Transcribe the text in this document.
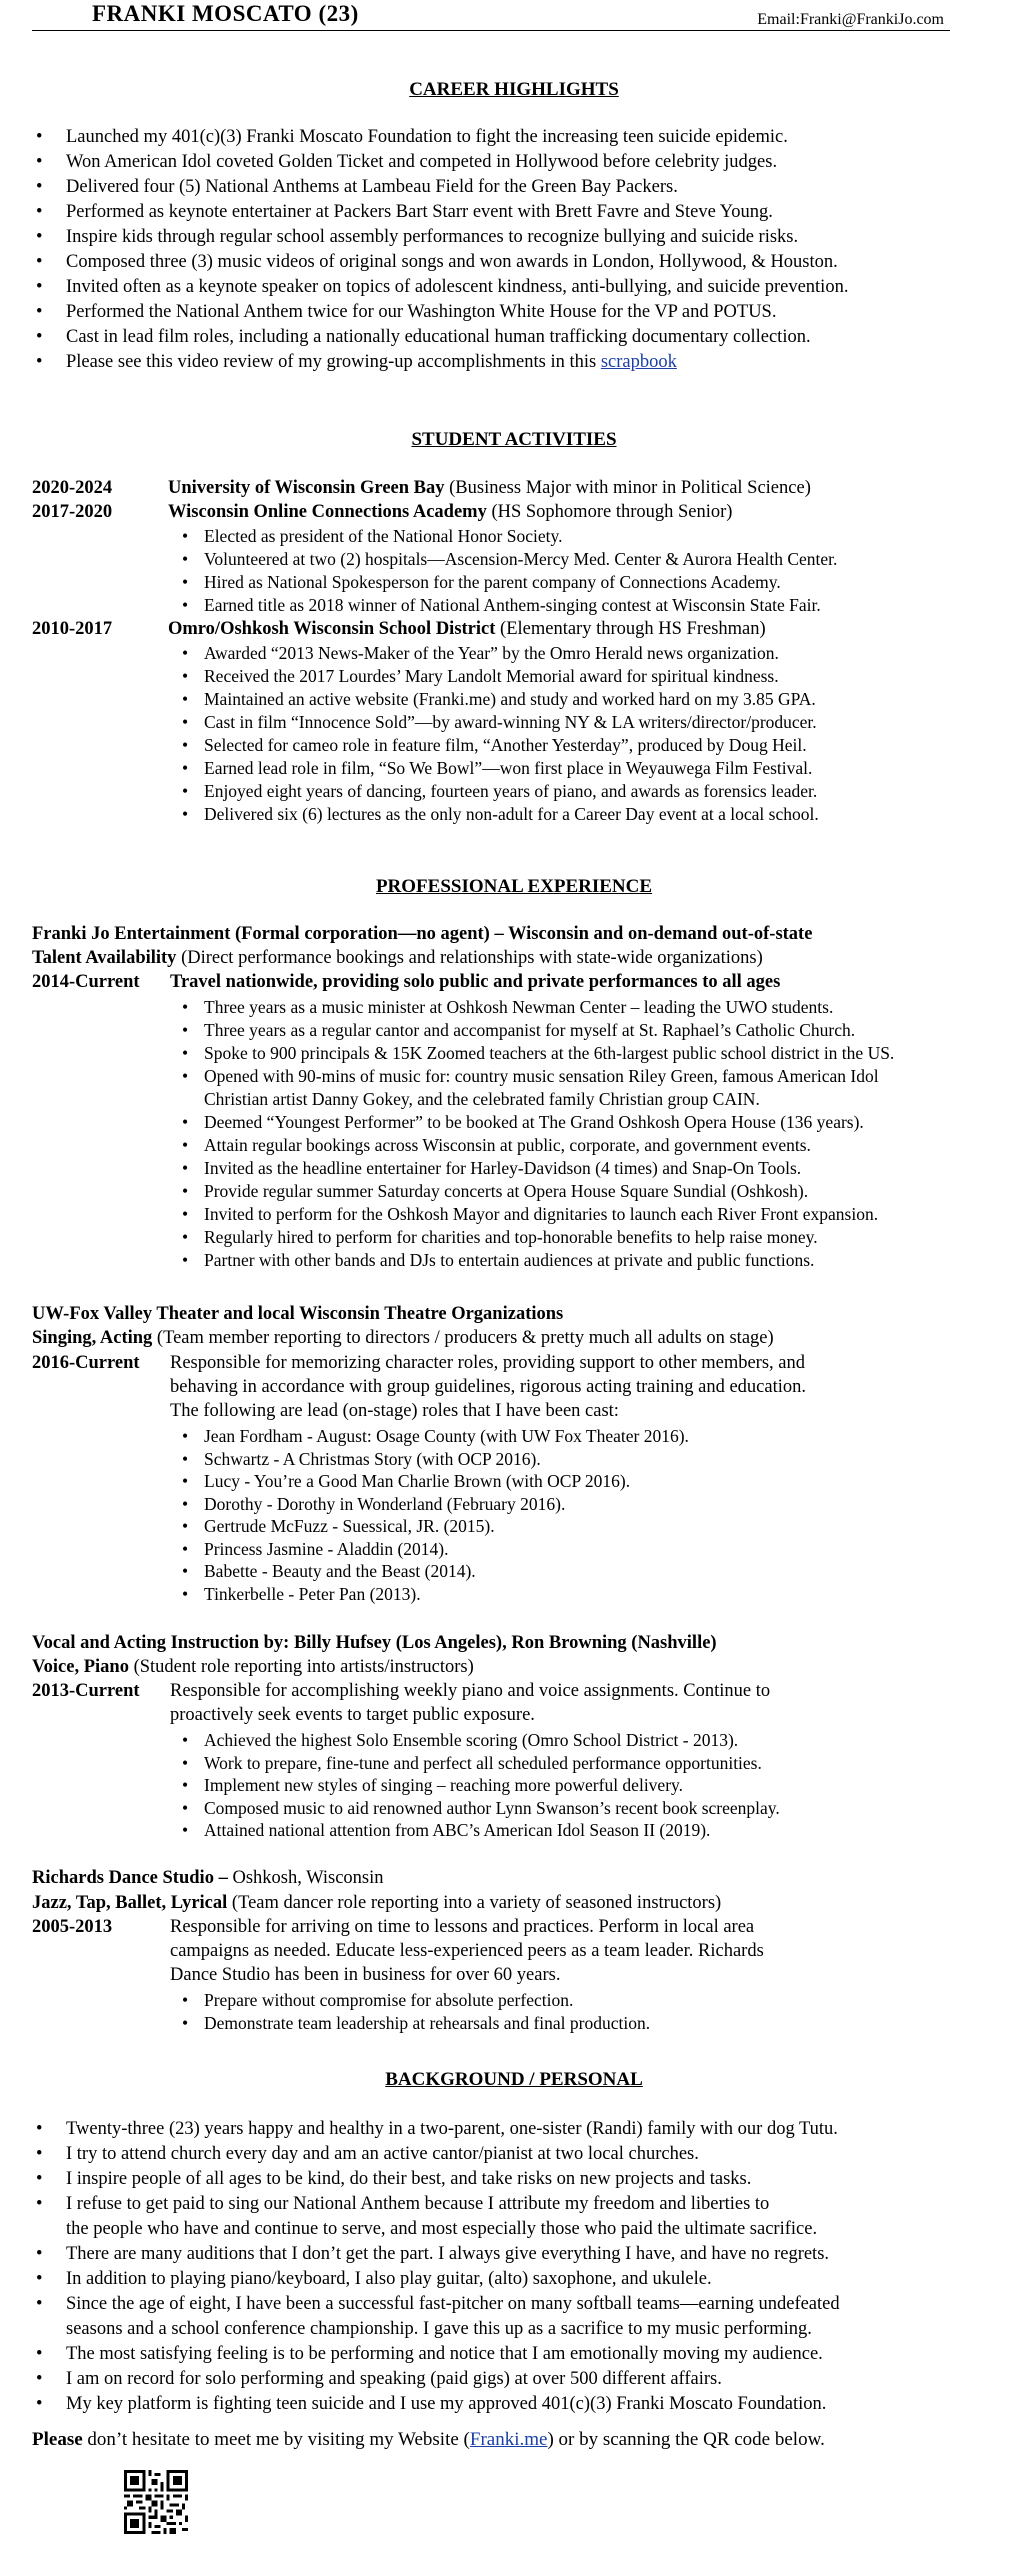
FRANKI MOSCATO (23)	Email:Franki@FrankiJo.com
CAREER HIGHLIGHTS
• Launched my 401(c)(3) Franki Moscato Foundation to fight the increasing teen suicide epidemic.
• Won American Idol coveted Golden Ticket and competed in Hollywood before celebrity judges.
• Delivered four (5) National Anthems at Lambeau Field for the Green Bay Packers.
• Performed as keynote entertainer at Packers Bart Starr event with Brett Favre and Steve Young.
• Inspire kids through regular school assembly performances to recognize bullying and suicide risks.
• Composed three (3) music videos of original songs and won awards in London, Hollywood, & Houston.
• Invited often as a keynote speaker on topics of adolescent kindness, anti-bullying, and suicide prevention.
• Performed the National Anthem twice for our Washington White House for the VP and POTUS.
• Cast in lead film roles, including a nationally educational human trafficking documentary collection.
• Please see this video review of my growing-up accomplishments in this scrapbook
STUDENT ACTIVITIES
2020-2024	University of Wisconsin Green Bay (Business Major with minor in Political Science)
2017-2020	Wisconsin Online Connections Academy (HS Sophomore through Senior)
• Elected as president of the National Honor Society.
• Volunteered at two (2) hospitals—Ascension-Mercy Med. Center & Aurora Health Center.
• Hired as National Spokesperson for the parent company of Connections Academy.
• Earned title as 2018 winner of National Anthem-singing contest at Wisconsin State Fair.
2010-2017	Omro/Oshkosh Wisconsin School District (Elementary through HS Freshman)
• Awarded “2013 News-Maker of the Year” by the Omro Herald news organization.
• Received the 2017 Lourdes’ Mary Landolt Memorial award for spiritual kindness.
• Maintained an active website (Franki.me) and study and worked hard on my 3.85 GPA.
• Cast in film “Innocence Sold”—by award-winning NY & LA writers/director/producer.
• Selected for cameo role in feature film, “Another Yesterday”, produced by Doug Heil.
• Earned lead role in film, “So We Bowl”—won first place in Weyauwega Film Festival.
• Enjoyed eight years of dancing, fourteen years of piano, and awards as forensics leader.
• Delivered six (6) lectures as the only non-adult for a Career Day event at a local school.
PROFESSIONAL EXPERIENCE
Franki Jo Entertainment (Formal corporation—no agent) – Wisconsin and on-demand out-of-state
Talent Availability (Direct performance bookings and relationships with state-wide organizations)
2014-Current Travel nationwide, providing solo public and private performances to all ages
• Three years as a music minister at Oshkosh Newman Center – leading the UWO students.
• Three years as a regular cantor and accompanist for myself at St. Raphael’s Catholic Church.
• Spoke to 900 principals & 15K Zoomed teachers at the 6th-largest public school district in the US.
• Opened with 90-mins of music for: country music sensation Riley Green, famous American Idol
Christian artist Danny Gokey, and the celebrated family Christian group CAIN.
• Deemed “Youngest Performer” to be booked at The Grand Oshkosh Opera House (136 years).
• Attain regular bookings across Wisconsin at public, corporate, and government events.
• Invited as the headline entertainer for Harley-Davidson (4 times) and Snap-On Tools.
• Provide regular summer Saturday concerts at Opera House Square Sundial (Oshkosh).
• Invited to perform for the Oshkosh Mayor and dignitaries to launch each River Front expansion.
• Regularly hired to perform for charities and top-honorable benefits to help raise money.
• Partner with other bands and DJs to entertain audiences at private and public functions.
UW-Fox Valley Theater and local Wisconsin Theatre Organizations
Singing, Acting (Team member reporting to directors / producers & pretty much all adults on stage)
2016-Current Responsible for memorizing character roles, providing support to other members, and
behaving in accordance with group guidelines, rigorous acting training and education.
The following are lead (on-stage) roles that I have been cast:
• Jean Fordham - August: Osage County (with UW Fox Theater 2016).
• Schwartz - A Christmas Story (with OCP 2016).
• Lucy - You’re a Good Man Charlie Brown (with OCP 2016).
• Dorothy - Dorothy in Wonderland (February 2016).
• Gertrude McFuzz - Suessical, JR. (2015).
• Princess Jasmine - Aladdin (2014).
• Babette - Beauty and the Beast (2014).
• Tinkerbelle - Peter Pan (2013).
Vocal and Acting Instruction by: Billy Hufsey (Los Angeles), Ron Browning (Nashville)
Voice, Piano (Student role reporting into artists/instructors)
2013-Current Responsible for accomplishing weekly piano and voice assignments. Continue to
proactively seek events to target public exposure.
• Achieved the highest Solo Ensemble scoring (Omro School District - 2013).
• Work to prepare, fine-tune and perfect all scheduled performance opportunities.
• Implement new styles of singing – reaching more powerful delivery.
• Composed music to aid renowned author Lynn Swanson’s recent book screenplay.
• Attained national attention from ABC’s American Idol Season II (2019).
Richards Dance Studio – Oshkosh, Wisconsin
Jazz, Tap, Ballet, Lyrical (Team dancer role reporting into a variety of seasoned instructors)
2005-2013	Responsible for arriving on time to lessons and practices. Perform in local area
campaigns as needed. Educate less-experienced peers as a team leader. Richards
Dance Studio has been in business for over 60 years.
• Prepare without compromise for absolute perfection.
• Demonstrate team leadership at rehearsals and final production.
BACKGROUND / PERSONAL
• Twenty-three (23) years happy and healthy in a two-parent, one-sister (Randi) family with our dog Tutu.
• I try to attend church every day and am an active cantor/pianist at two local churches.
• I inspire people of all ages to be kind, do their best, and take risks on new projects and tasks.
• I refuse to get paid to sing our National Anthem because I attribute my freedom and liberties to
the people who have and continue to serve, and most especially those who paid the ultimate sacrifice.
• There are many auditions that I don’t get the part. I always give everything I have, and have no regrets.
• In addition to playing piano/keyboard, I also play guitar, (alto) saxophone, and ukulele.
• Since the age of eight, I have been a successful fast-pitcher on many softball teams—earning undefeated
seasons and a school conference championship. I gave this up as a sacrifice to my music performing.
• The most satisfying feeling is to be performing and notice that I am emotionally moving my audience.
• I am on record for solo performing and speaking (paid gigs) at over 500 different affairs.
• My key platform is fighting teen suicide and I use my approved 401(c)(3) Franki Moscato Foundation.
Please don’t hesitate to meet me by visiting my Website (Franki.me) or by scanning the QR code below.
